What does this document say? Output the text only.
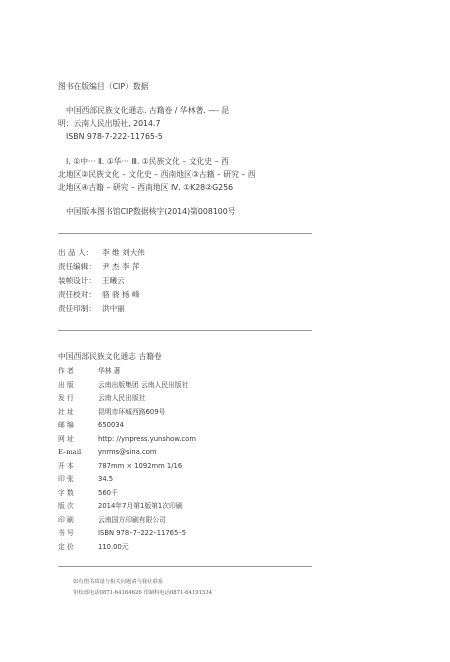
图书在版编目（CIP）数据
中国西部民族文化通志. 古籍卷 / 华林著. —- 昆
明：云南人民出版社, 2014.7
ISBN 978-7-222-11765-5
Ⅰ. ①中··· Ⅱ. ①华··· Ⅲ. ①民族文化 – 文化史 – 西
北地区②民族文化 – 文化史 – 西南地区③古籍 – 研究 – 西
北地区④古籍 – 研究 – 西南地区 Ⅳ. ①K28②G256
中国版本图书馆CIP数据核字(2014)第008100号
出 品 人： 李 维 刘大伟
责任编辑： 尹 杰 李 萍
装帧设计： 王曦云
责任校对： 骆 骁 杨 峰
责任印制： 洪中丽
中国西部民族文化通志 古籍卷
作 者	华林 著
出 版	云南出版集团 云南人民出版社
发 行	云南人民出版社
社 址	昆明市环城西路609号
邮 编	650034
网 址	http: //ynpress.yunshow.com
E–mail ynrms@sina.com
开 本	787mm × 1092mm 1/16
印 张	34.5
字 数	560千
版 次	2014年7月第1版第1次印刷
印 刷	云南国方印刷有限公司
书 号	ISBN 978–7–222–11765–5
定 价	110.00元
如有图书质量与相关问题请与我社联系
审校部电话0871-64164626 印制科电话0871-64191534
